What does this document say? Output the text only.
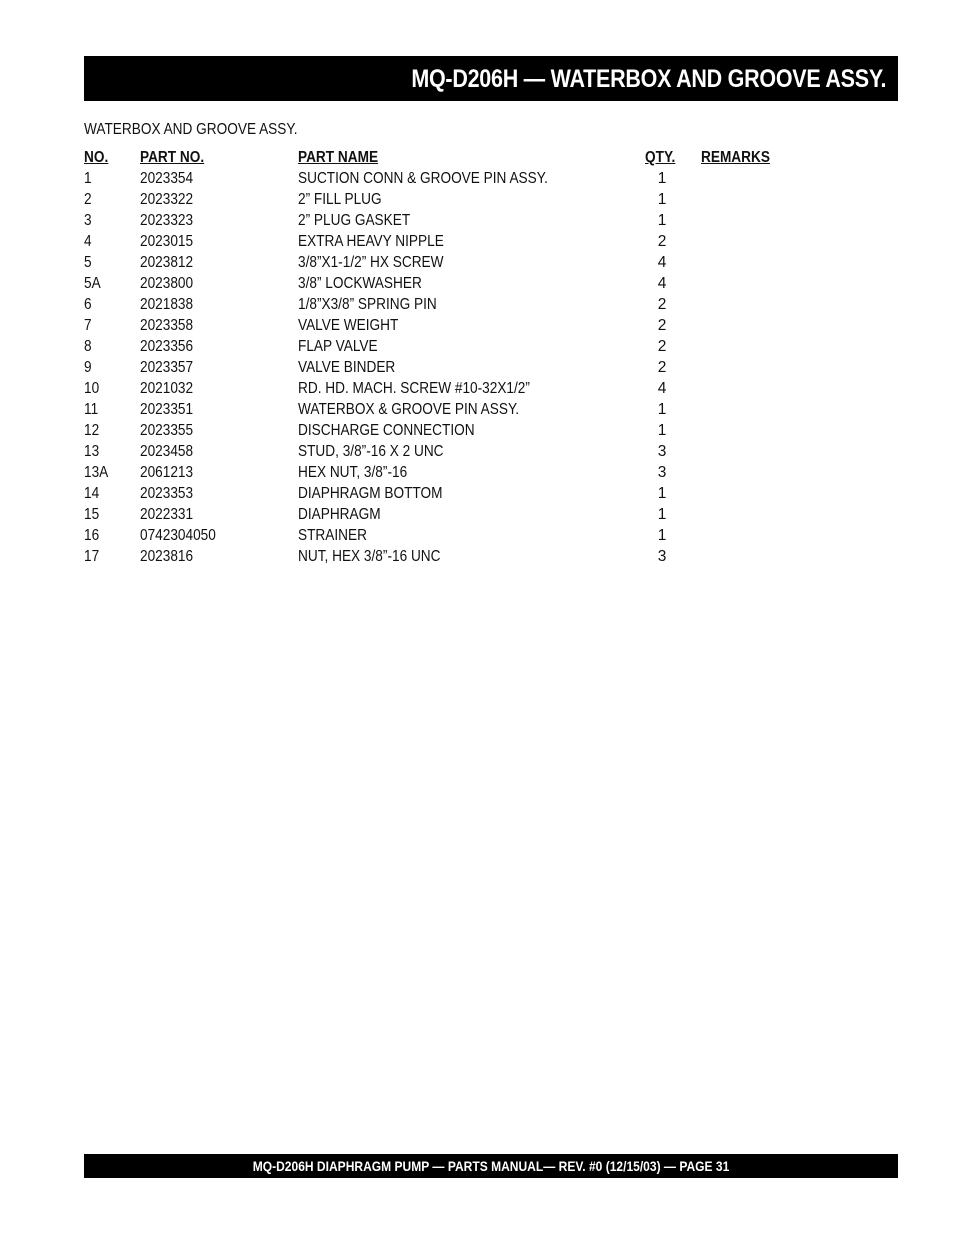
MQ-D206H — WATERBOX AND GROOVE ASSY.
WATERBOX AND GROOVE ASSY.
NO. PART NO.	PART NAME	QTY. REMARKS
1	2023354	SUCTION CONN & GROOVE PIN ASSY.	1
2	2023322	2” FILL PLUG	1
3	2023323	2” PLUG GASKET	1
4	2023015	EXTRA HEAVY NIPPLE	2
5	2023812	3/8”X1-1/2” HX SCREW	4
5A	2023800	3/8” LOCKWASHER	4
6	2021838	1/8”X3/8” SPRING PIN	2
7	2023358	VALVE WEIGHT	2
8	2023356	FLAP VALVE	2
9	2023357	VALVE BINDER	2
10	2021032	RD. HD. MACH. SCREW #10-32X1/2”	4
11	2023351	WATERBOX & GROOVE PIN ASSY.	1
12	2023355	DISCHARGE CONNECTION	1
13	2023458	STUD, 3/8”-16 X 2 UNC	3
13A 2061213	HEX NUT, 3/8”-16	3
14	2023353	DIAPHRAGM BOTTOM	1
15	2022331	DIAPHRAGM	1
16	0742304050	STRAINER	1
17	2023816	NUT, HEX 3/8”-16 UNC	3
MQ-D206H DIAPHRAGM PUMP — PARTS MANUAL— REV. #0 (12/15/03) — PAGE 31
